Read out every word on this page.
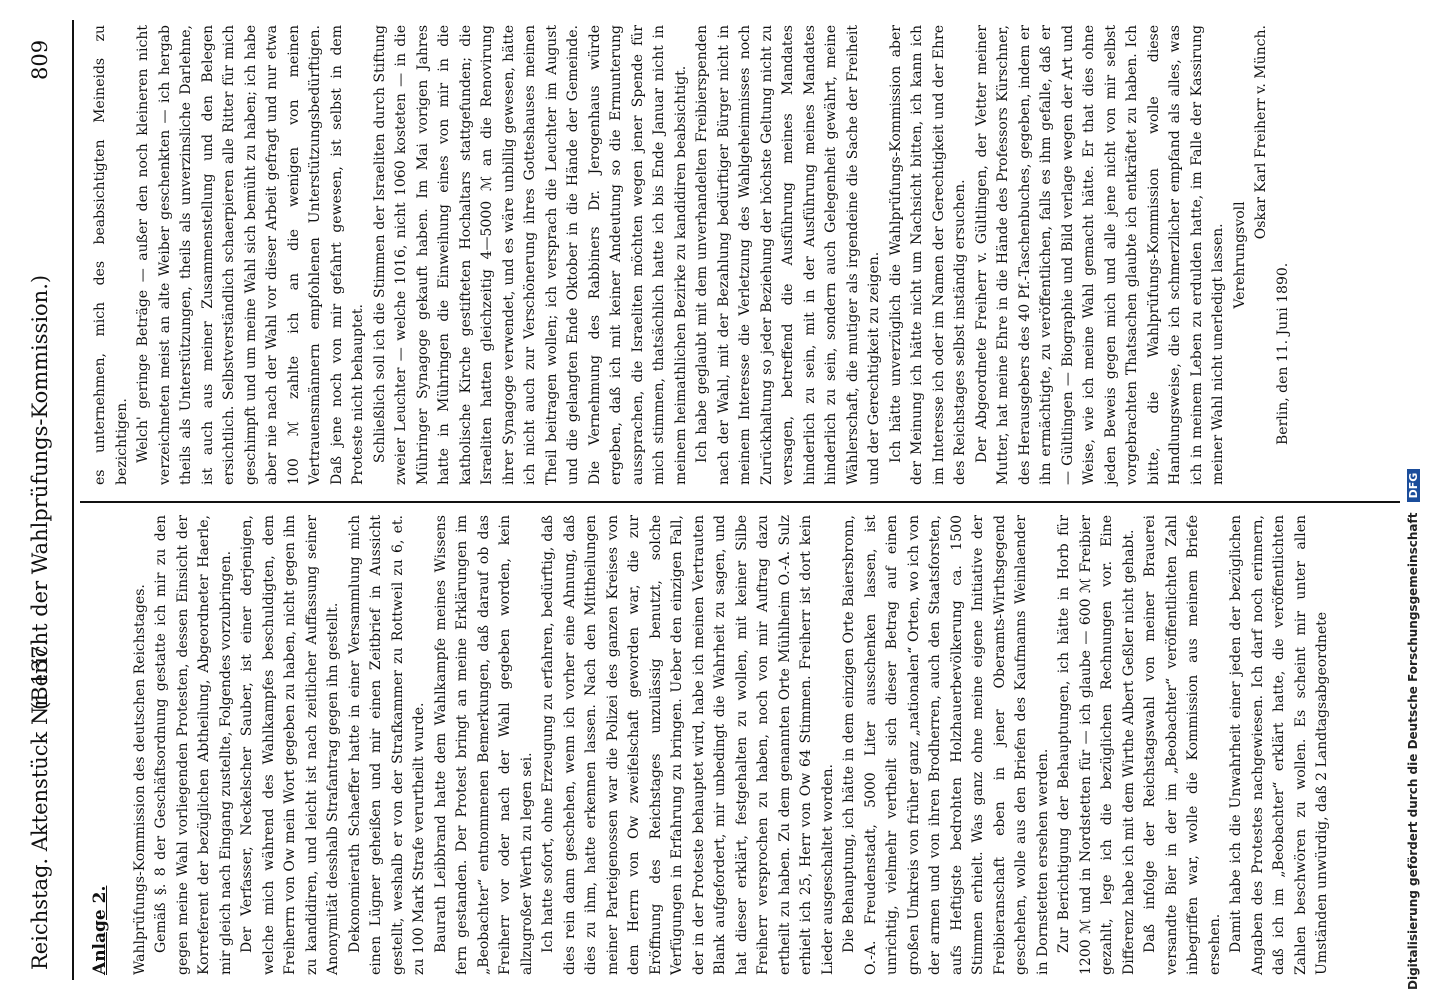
Reichstag. Aktenstück Nr. 137.
(Bericht der Wahlprüfungs-Kommission.)
809
Anlage 2. Wahlprüfungs-Kommission des deutschen Reichstages. Gemäß §. 8 der Geschäftsordnung gestatte ich mir zu den gegen meine Wahl vorliegenden Protesten, dessen Einsicht der Korreferent der bezüglichen Abtheilung, Abgeordneter Haerle, mir gleich nach Eingang zustellte, Folgendes vorzubringen. Der Verfasser, Neckelscher Sauber, ist einer derjenigen, welche mich während des Wahlkampfes beschuldigten, dem Freiherrn von Ow mein Wort gegeben zu haben, nicht gegen ihn zu kandidiren, und leicht ist nach zeitlicher Auffassung seiner Anonymität desshalb Strafantrag gegen ihn gestellt. Dekonomierath Schaeffer hatte in einer Versammlung mich einen Lügner geheißen und mir einen Zeitbrief in Aussicht gestellt, weshalb er von der Strafkammer zu Rottweil zu 6, et. zu 100 Mark Strafe verurtheilt wurde. Baurath Leibbrand hatte dem Wahlkampfe meines Wissens fern gestanden. Der Protest bringt an meine Erklärungen im „Beobachter“ entnommenen Bemerkungen, daß darauf ob das Freiherr vor oder nach der Wahl gegeben worden, kein allzugroßer Werth zu legen sei. Ich hatte sofort, ohne Erzeugung zu erfahren, bedürftig, daß dies rein dann geschehen, wenn ich vorher eine Ahnung, daß dies zu ihm, hatte erkennen lassen. Nach den Mittheilungen meiner Parteigenossen war die Polizei des ganzen Kreises von dem Herrn von Ow zweifelschaft geworden war, die zur Eröffnung des Reichstages unzulässig benutzt, solche Verfügungen in Erfahrung zu bringen. Ueber den einzigen Fall, der in der Proteste behauptet wird, habe ich meinen Vertrauten Blank aufgefordert, mir unbedingt die Wahrheit zu sagen, und hat dieser erklärt, festgehalten zu wollen, mit keiner Silbe Freiherr versprochen zu haben, noch von mir Auftrag dazu ertheilt zu haben. Zu dem genannten Orte Mühlheim O.-A. Sulz erhielt ich 25, Herr von Ow 64 Stimmen. Freiherr ist dort kein Lieder ausgeschaltet worden. Die Behauptung, ich hätte in dem einzigen Orte Baiersbronn, O.-A. Freudenstadt, 5000 Liter ausschenken lassen, ist unrichtig, vielmehr vertheilt sich dieser Betrag auf einen großen Umkreis von früher ganz „nationalen“ Orten, wo ich von der armen und von ihren Brodherren, auch den Staatsforsten, aufs Heftigste bedrohten Holzhauerbevölkerung ca. 1500 Stimmen erhielt. Was ganz ohne meine eigene Initiative der Freibieranschaft eben in jener Oberamts-Wirthsgegend geschehen, wolle aus den Briefen des Kaufmanns Weinlaender in Dornstetten ersehen werden. Zur Berichtigung der Behauptungen, ich hätte in Horb für 1200 ℳ und in Nordstetten für — ich glaube — 600 ℳ Freibier gezahlt, lege ich die bezüglichen Rechnungen vor. Eine Differenz habe ich mit dem Wirthe Albert Geßler nicht gehabt. Daß infolge der Reichstagswahl von meiner Brauerei versandte Bier in der im „Beobachter“ veröffentlichten Zahl inbegriffen war, wolle die Kommission aus meinem Briefe ersehen. Damit habe ich die Unwahrheit einer jeden der bezüglichen Angaben des Protestes nachgewiesen. Ich darf noch erinnern, daß ich im „Beobachter“ erklärt hatte, die veröffentlichten Zahlen beschwören zu wollen. Es scheint mir unter allen Umständen unwürdig, daß 2 Landtagsabgeordnete

es unternehmen, mich des beabsichtigten Meineids zu bezichtigen. Welch' geringe Beträge — außer den noch kleineren nicht verzeichneten meist an alte Weiber geschenkten — ich hergab theils als Unterstützungen, theils als unverzinsliche Darlehne, ist auch aus meiner Zusammenstellung und den Belegen ersichtlich. Selbstverständlich schaerpieren alle Ritter für mich geschimpft und um meine Wahl sich bemüht zu haben; ich habe aber nie nach der Wahl vor dieser Arbeit gefragt und nur etwa 100 ℳ zahlte ich an die wenigen von meinen Vertrauensmännern empfohlenen Unterstützungsbedürftigen. Daß jene noch von mir gefahrt gewesen, ist selbst in dem Proteste nicht behauptet. Schließlich soll ich die Stimmen der Israeliten durch Stiftung zweier Leuchter — welche 1016, nicht 1060 kosteten — in die Mühringer Synagoge gekauft haben. Im Mai vorigen Jahres hatte in Mühringen die Einweihung eines von mir in die katholische Kirche gestifteten Hochaltars stattgefunden; die Israeliten hatten gleichzeitig 4—5000 ℳ an die Renovirung ihrer Synagoge verwendet, und es wäre unbillig gewesen, hätte ich nicht auch zur Verschönerung ihres Gotteshauses meinen Theil beitragen wollen; ich versprach die Leuchter im August und die gelangten Ende Oktober in die Hände der Gemeinde. Die Vernehmung des Rabbiners Dr. Jerogenhaus würde ergeben, daß ich mit keiner Andeutung so die Ermunterung aussprachen, die Israeliten möchten wegen jener Spende für mich stimmen, thatsächlich hatte ich bis Ende Januar nicht in meinem heimathlichen Bezirke zu kandidiren beabsichtigt. Ich habe geglaubt mit dem unverhandelten Freibierspenden nach der Wahl, mit der Bezahlung bedürftiger Bürger nicht in meinem Interesse die Verletzung des Wahlgeheimnisses noch Zurückhaltung so jeder Beziehung der höchste Geltung nicht zu versagen, betreffend die Ausführung meines Mandates hinderlich zu sein, mit in der Ausführung meines Mandates hinderlich zu sein, sondern auch Gelegenheit gewährt, meine Wählerschaft, die mutiger als irgendeine die Sache der Freiheit und der Gerechtigkeit zu zeigen. Ich hätte unverzüglich die Wahlprüfungs-Kommission aber der Meinung ich hätte nicht um Nachsicht bitten, ich kann ich im Interesse ich oder im Namen der Gerechtigkeit und der Ehre des Reichstages selbst inständig ersuchen. Der Abgeordnete Freiherr v. Gültlingen, der Vetter meiner Mutter, hat meine Ehre in die Hände des Professors Kürschner, des Herausgebers des 40 Pf.-Taschenbuches, gegeben, indem er ihn ermächtigte, zu veröffentlichen, falls es ihm gefalle, daß er — Gültlingen — Biographie und Bild verlage wegen der Art und Weise, wie ich meine Wahl gemacht hätte. Er that dies ohne jeden Beweis gegen mich und alle jene nicht von mir selbst vorgebrachten Thatsachen glaubte ich entkräftet zu haben. Ich bitte, die Wahlprüfungs-Kommission wolle diese Handlungsweise, die ich schmerzlicher empfand als alles, was ich in meinem Leben zu erdulden hatte, im Falle der Kassirung meiner Wahl nicht unerledigt lassen. Verehrungsvoll

Oskar Karl Freiherr v. Münch.

Berlin, den 11. Juni 1890.

Digitalisierung gefördert durch die Deutsche Forschungsgemeinschaft DFG
